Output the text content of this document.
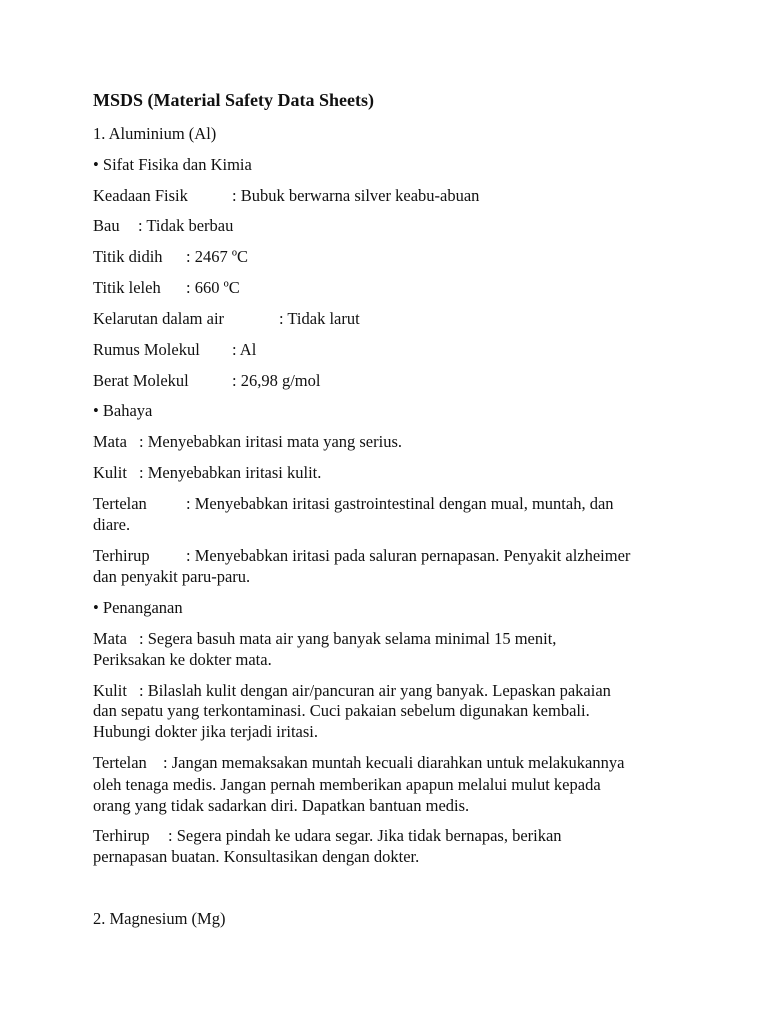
MSDS (Material Safety Data Sheets)
1. Aluminium (Al)
• Sifat Fisika dan Kimia
Keadaan Fisik	: Bubuk berwarna silver keabu-abuan
Bau : Tidak berbau
Titik didih : 2467 ºC
Titik leleh : 660 ºC
Kelarutan dalam air	: Tidak larut
Rumus Molekul : Al
Berat Molekul	: 26,98 g/mol
• Bahaya
Mata : Menyebabkan iritasi mata yang serius.
Kulit : Menyebabkan iritasi kulit.
Tertelan : Menyebabkan iritasi gastrointestinal dengan mual, muntah, dan
diare.
Terhirup : Menyebabkan iritasi pada saluran pernapasan. Penyakit alzheimer
dan penyakit paru-paru.
• Penanganan
Mata : Segera basuh mata air yang banyak selama minimal 15 menit,
Periksakan ke dokter mata.
Kulit : Bilaslah kulit dengan air/pancuran air yang banyak. Lepaskan pakaian
dan sepatu yang terkontaminasi. Cuci pakaian sebelum digunakan kembali.
Hubungi dokter jika terjadi iritasi.
Tertelan : Jangan memaksakan muntah kecuali diarahkan untuk melakukannya
oleh tenaga medis. Jangan pernah memberikan apapun melalui mulut kepada
orang yang tidak sadarkan diri. Dapatkan bantuan medis.
Terhirup : Segera pindah ke udara segar. Jika tidak bernapas, berikan
pernapasan buatan. Konsultasikan dengan dokter.
2. Magnesium (Mg)
